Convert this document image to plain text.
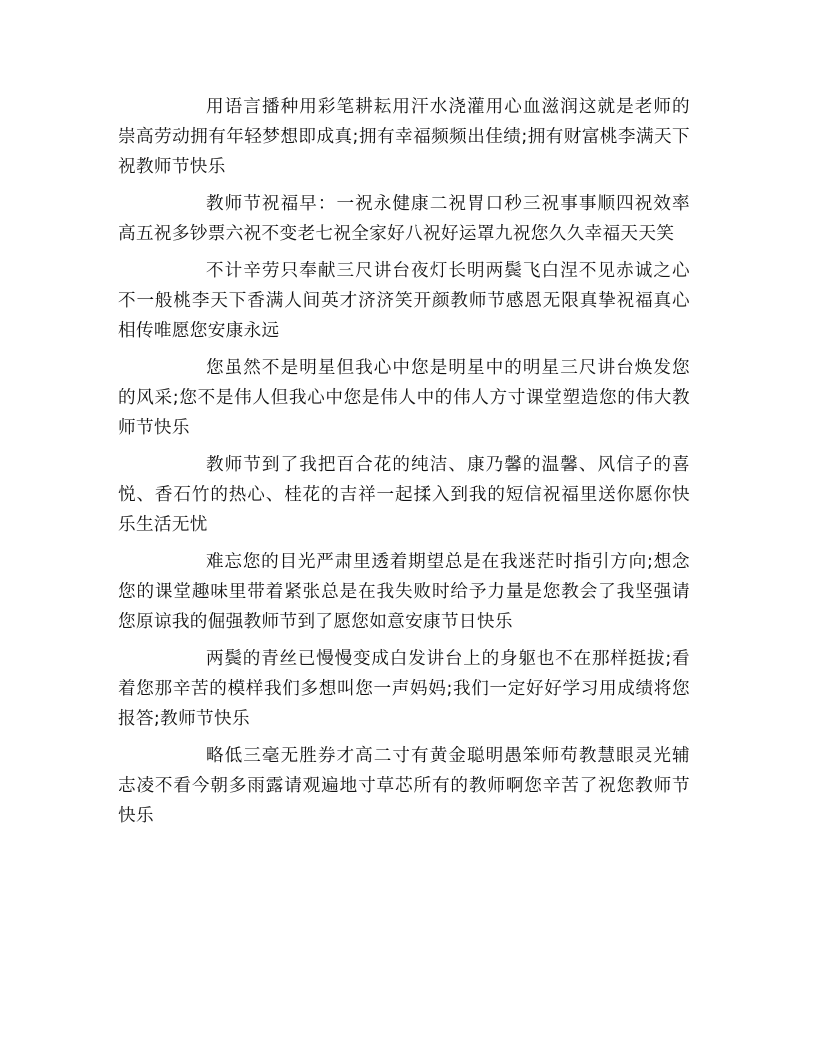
用语言播种用彩笔耕耘用汗水浇灌用心血滋润这就是老师的崇高劳动拥有年轻梦想即成真;拥有幸福频频出佳绩;拥有财富桃李满天下祝教师节快乐

教师节祝福早：一祝永健康二祝胃口秒三祝事事顺四祝效率高五祝多钞票六祝不变老七祝全家好八祝好运罩九祝您久久幸福天天笑

不计辛劳只奉献三尺讲台夜灯长明两鬓飞白涅不见赤诚之心不一般桃李天下香满人间英才济济笑开颜教师节感恩无限真挚祝福真心相传唯愿您安康永远

您虽然不是明星但我心中您是明星中的明星三尺讲台焕发您的风采;您不是伟人但我心中您是伟人中的伟人方寸课堂塑造您的伟大教师节快乐

教师节到了我把百合花的纯洁、康乃馨的温馨、风信子的喜悦、香石竹的热心、桂花的吉祥一起揉入到我的短信祝福里送你愿你快乐生活无忧

难忘您的目光严肃里透着期望总是在我迷茫时指引方向;想念您的课堂趣味里带着紧张总是在我失败时给予力量是您教会了我坚强请您原谅我的倔强教师节到了愿您如意安康节日快乐

两鬓的青丝已慢慢变成白发讲台上的身躯也不在那样挺拔;看着您那辛苦的模样我们多想叫您一声妈妈;我们一定好好学习用成绩将您报答;教师节快乐

略低三毫无胜券才高二寸有黄金聪明愚笨师苟教慧眼灵光辅志凌不看今朝多雨露请观遍地寸草芯所有的教师啊您辛苦了祝您教师节快乐
